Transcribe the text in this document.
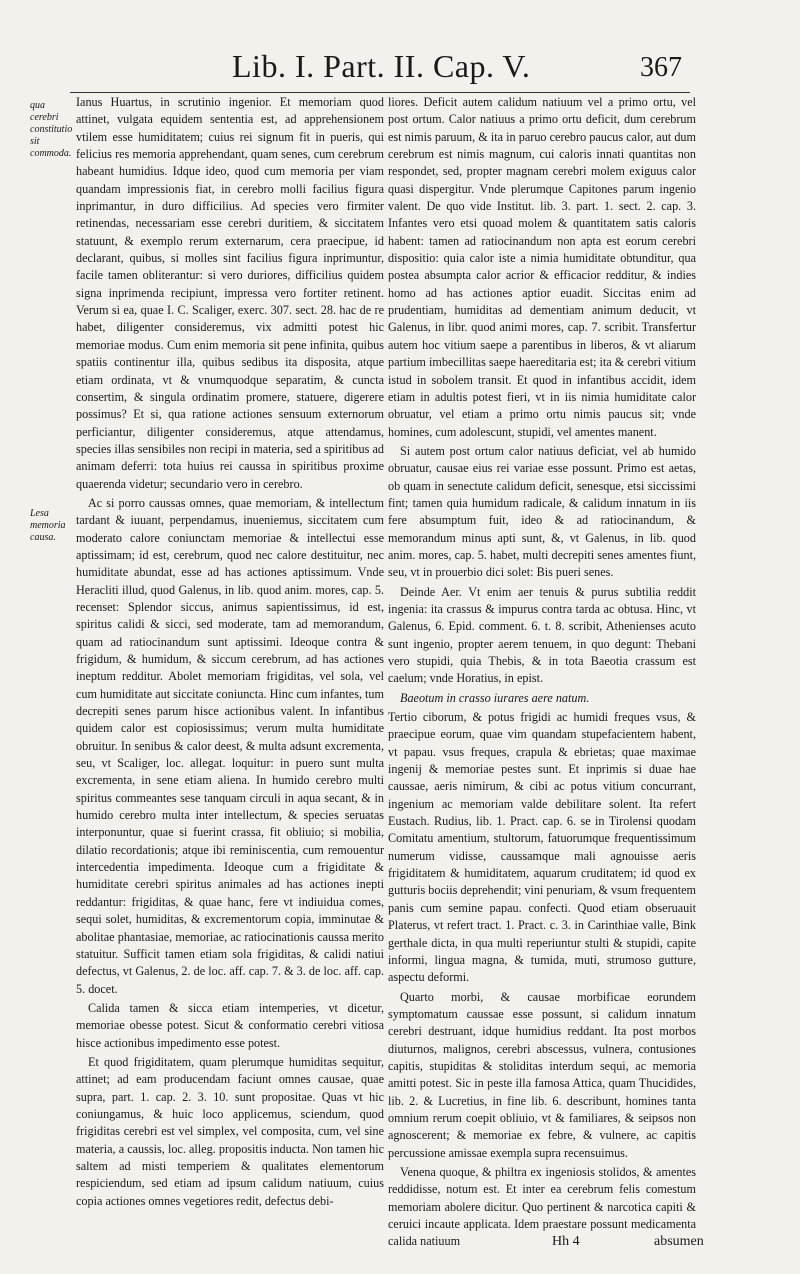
Lib. I. Part. II. Cap. V.	367
qua cerebri constitutio sit commoda.
Lesa memoria causa.

Ianus Huartus, in scrutinio ingenior. Et memoriam quod attinet, vulgata equidem sententia est, ad apprehensionem vtilem esse humiditatem; cuius rei signum fit in pueris, qui felicius res memoria apprehendant, quam senes, cum cerebrum habeant humidius. Idque ideo, quod cum memoria per viam quandam impressionis fiat, in cerebro molli facilius figura inprimantur, in duro difficilius. Ad species vero firmiter retinendas, necessariam esse cerebri duritiem, & siccitatem statuunt, & exemplo rerum externarum, cera praecipue, id declarant, quibus, si molles sint facilius figura inprimuntur, facile tamen obliterantur: si vero duriores, difficilius quidem signa inprimenda recipiunt, impressa vero fortiter retinent. Verum si ea, quae I. C. Scaliger, exerc. 307. sect. 28. hac de re habet, diligenter consideremus, vix admitti potest hic memoriae modus. Cum enim memoria sit pene infinita, quibus spatiis continentur illa, quibus sedibus ita disposita, atque etiam ordinata, vt & vnumquodque separatim, & cuncta consertim, & singula ordinatim promere, statuere, digerere possimus? Et si, qua ratione actiones sensuum externorum perficiantur, diligenter consideremus, atque attendamus, species illas sensibiles non recipi in materia, sed a spiritibus ad animam deferri: tota huius rei caussa in spiritibus proxime quaerenda videtur; secundario vero in cerebro.

Ac si porro caussas omnes, quae memoriam, & intellectum tardant & iuuant, perpendamus, inueniemus, siccitatem cum moderato calore coniunctam memoriae & intellectui esse aptissimam; id est, cerebrum, quod nec calore destituitur, nec humiditate abundat, esse ad has actiones aptissimum. Vnde Heracliti illud, quod Galenus, in lib. quod anim. mores, cap. 5. recenset: Splendor siccus, animus sapientissimus, id est, spiritus calidi & sicci, sed moderate, tam ad memorandum, quam ad ratiocinandum sunt aptissimi. Ideoque contra & frigidum, & humidum, & siccum cerebrum, ad has actiones ineptum redditur. Abolet memoriam frigiditas, vel sola, vel cum humiditate aut siccitate coniuncta. Hinc cum infantes, tum decrepiti senes parum hisce actionibus valent. In infantibus quidem calor est copiosissimus; verum multa humiditate obruitur. In senibus & calor deest, & multa adsunt excrementa, seu, vt Scaliger, loc. allegat. loquitur: in puero sunt multa excrementa, in sene etiam aliena. In humido cerebro multi spiritus commeantes sese tanquam circuli in aqua secant, & in humido cerebro multa inter intellectum, & species seruatas interponuntur, quae si fuerint crassa, fit obliuio; si mobilia, dilatio recordationis; atque ibi reminiscentia, cum remouentur intercedentia impedimenta. Ideoque cum a frigiditate & humiditate cerebri spiritus animales ad has actiones inepti reddantur: frigiditas, & quae hanc, fere vt indiuidua comes, sequi solet, humiditas, & excrementorum copia, imminutae & abolitae phantasiae, memoriae, ac ratiocinationis caussa merito statuitur. Sufficit tamen etiam sola frigiditas, & calidi natiui defectus, vt Galenus, 2. de loc. aff. cap. 7. & 3. de loc. aff. cap. 5. docet.

Calida tamen & sicca etiam intemperies, vt dicetur, memoriae obesse potest. Sicut & conformatio cerebri vitiosa hisce actionibus impedimento esse potest.

Et quod frigiditatem, quam plerumque humiditas sequitur, attinet; ad eam producendam faciunt omnes causae, quae supra, part. 1. cap. 2. 3. 10. sunt propositae. Quas vt hic coniungamus, & huic loco applicemus, sciendum, quod frigiditas cerebri est vel simplex, vel composita, cum, vel sine materia, a caussis, loc. alleg. propositis inducta. Non tamen hic saltem ad misti temperiem & qualitates elementorum respiciendum, sed etiam ad ipsum calidum natiuum, cuius copia actiones omnes vegetiores redit, defectus debi-

liores. Deficit autem calidum natiuum vel a primo ortu, vel post ortum. Calor natiuus a primo ortu deficit, dum cerebrum est nimis paruum, & ita in paruo cerebro paucus calor, aut dum cerebrum est nimis magnum, cui caloris innati quantitas non respondet, sed, propter magnam cerebri molem exiguus calor quasi dispergitur. Vnde plerumque Capitones parum ingenio valent. De quo vide Institut. lib. 3. part. 1. sect. 2. cap. 3. Infantes vero etsi quoad molem & quantitatem satis caloris habent: tamen ad ratiocinandum non apta est eorum cerebri dispositio: quia calor iste a nimia humiditate obtunditur, qua postea absumpta calor acrior & efficacior redditur, & indies homo ad has actiones aptior euadit. Siccitas enim ad prudentiam, humiditas ad dementiam animum deducit, vt Galenus, in libr. quod animi mores, cap. 7. scribit. Transfertur autem hoc vitium saepe a parentibus in liberos, & vt aliarum partium imbecillitas saepe haereditaria est; ita & cerebri vitium istud in sobolem transit. Et quod in infantibus accidit, idem etiam in adultis potest fieri, vt in iis nimia humiditate calor obruatur, vel etiam a primo ortu nimis paucus sit; vnde homines, cum adolescunt, stupidi, vel amentes manent.

Si autem post ortum calor natiuus deficiat, vel ab humido obruatur, causae eius rei variae esse possunt. Primo est aetas, ob quam in senectute calidum deficit, senesque, etsi siccissimi fint; tamen quia humidum radicale, & calidum innatum in iis fere absumptum fuit, ideo & ad ratiocinandum, & memorandum minus apti sunt, &, vt Galenus, in lib. quod anim. mores, cap. 5. habet, multi decrepiti senes amentes fiunt, seu, vt in prouerbio dici solet: Bis pueri senes.

Deinde Aer. Vt enim aer tenuis & purus subtilia reddit ingenia: ita crassus & impurus contra tarda ac obtusa. Hinc, vt Galenus, 6. Epid. comment. 6. t. 8. scribit, Athenienses acuto sunt ingenio, propter aerem tenuem, in quo degunt: Thebani vero stupidi, quia Thebis, & in tota Baeotia crassum est caelum; vnde Horatius, in epist.

Baeotum in crasso iurares aere natum.

Tertio ciborum, & potus frigidi ac humidi freques vsus, & praecipue eorum, quae vim quandam stupefacientem habent, vt papau. vsus freques, crapula & ebrietas; quae maximae ingenij & memoriae pestes sunt. Et inprimis si duae hae caussae, aeris nimirum, & cibi ac potus vitium concurrant, ingenium ac memoriam valde debilitare solent. Ita refert Eustach. Rudius, lib. 1. Pract. cap. 6. se in Tirolensi quodam Comitatu amentium, stultorum, fatuorumque frequentissimum numerum vidisse, caussamque mali agnouisse aeris frigiditatem & humiditatem, aquarum cruditatem; id quod ex gutturis bociis deprehendit; vini penuriam, & vsum frequentem panis cum semine papau. confecti. Quod etiam obseruauit Platerus, vt refert tract. 1. Pract. c. 3. in Carinthiae valle, Bink gerthale dicta, in qua multi reperiuntur stulti & stupidi, capite informi, lingua magna, & tumida, muti, strumoso gutture, aspectu deformi.

Quarto morbi, & causae morbificae eorundem symptomatum caussae esse possunt, si calidum innatum cerebri destruant, idque humidius reddant. Ita post morbos diuturnos, malignos, cerebri abscessus, vulnera, contusiones capitis, stupiditas & stoliditas interdum sequi, ac memoria amitti potest. Sic in peste illa famosa Attica, quam Thucidides, lib. 2. & Lucretius, in fine lib. 6. describunt, homines tanta omnium rerum coepit obliuio, vt & familiares, & seipsos non agnoscerent; & memoriae ex febre, & vulnere, ac capitis percussione amissae exempla supra recensuimus.

Venena quoque, & philtra ex ingeniosis stolidos, & amentes reddidisse, notum est. Et inter ea cerebrum felis comestum memoriam abolere dicitur. Quo pertinent & narcotica capiti & ceruici incaute applicata. Idem praestare possunt medicamenta calida natiuum	Hh 4	absumen
